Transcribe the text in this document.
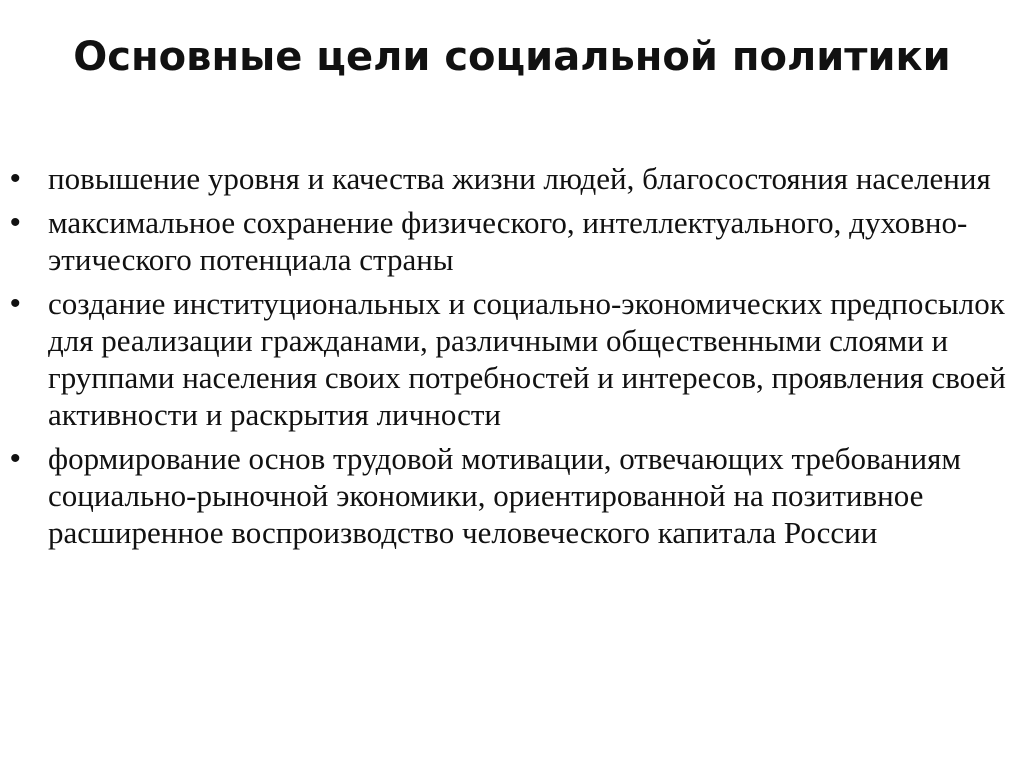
Основные цели социальной политики
• повышение уровня и качества жизни людей, благосостояния населения
• максимальное сохранение физического, интеллектуального, духовно-этического потенциала страны
• создание институциональных и социально-экономических предпосылок для реализации гражданами, различными общественными слоями и группами населения своих потребностей и интересов, проявления своей активности и раскрытия личности
• формирование основ трудовой мотивации, отвечающих требованиям социально-рыночной экономики, ориентированной на позитивное расширенное воспроизводство человеческого капитала России
